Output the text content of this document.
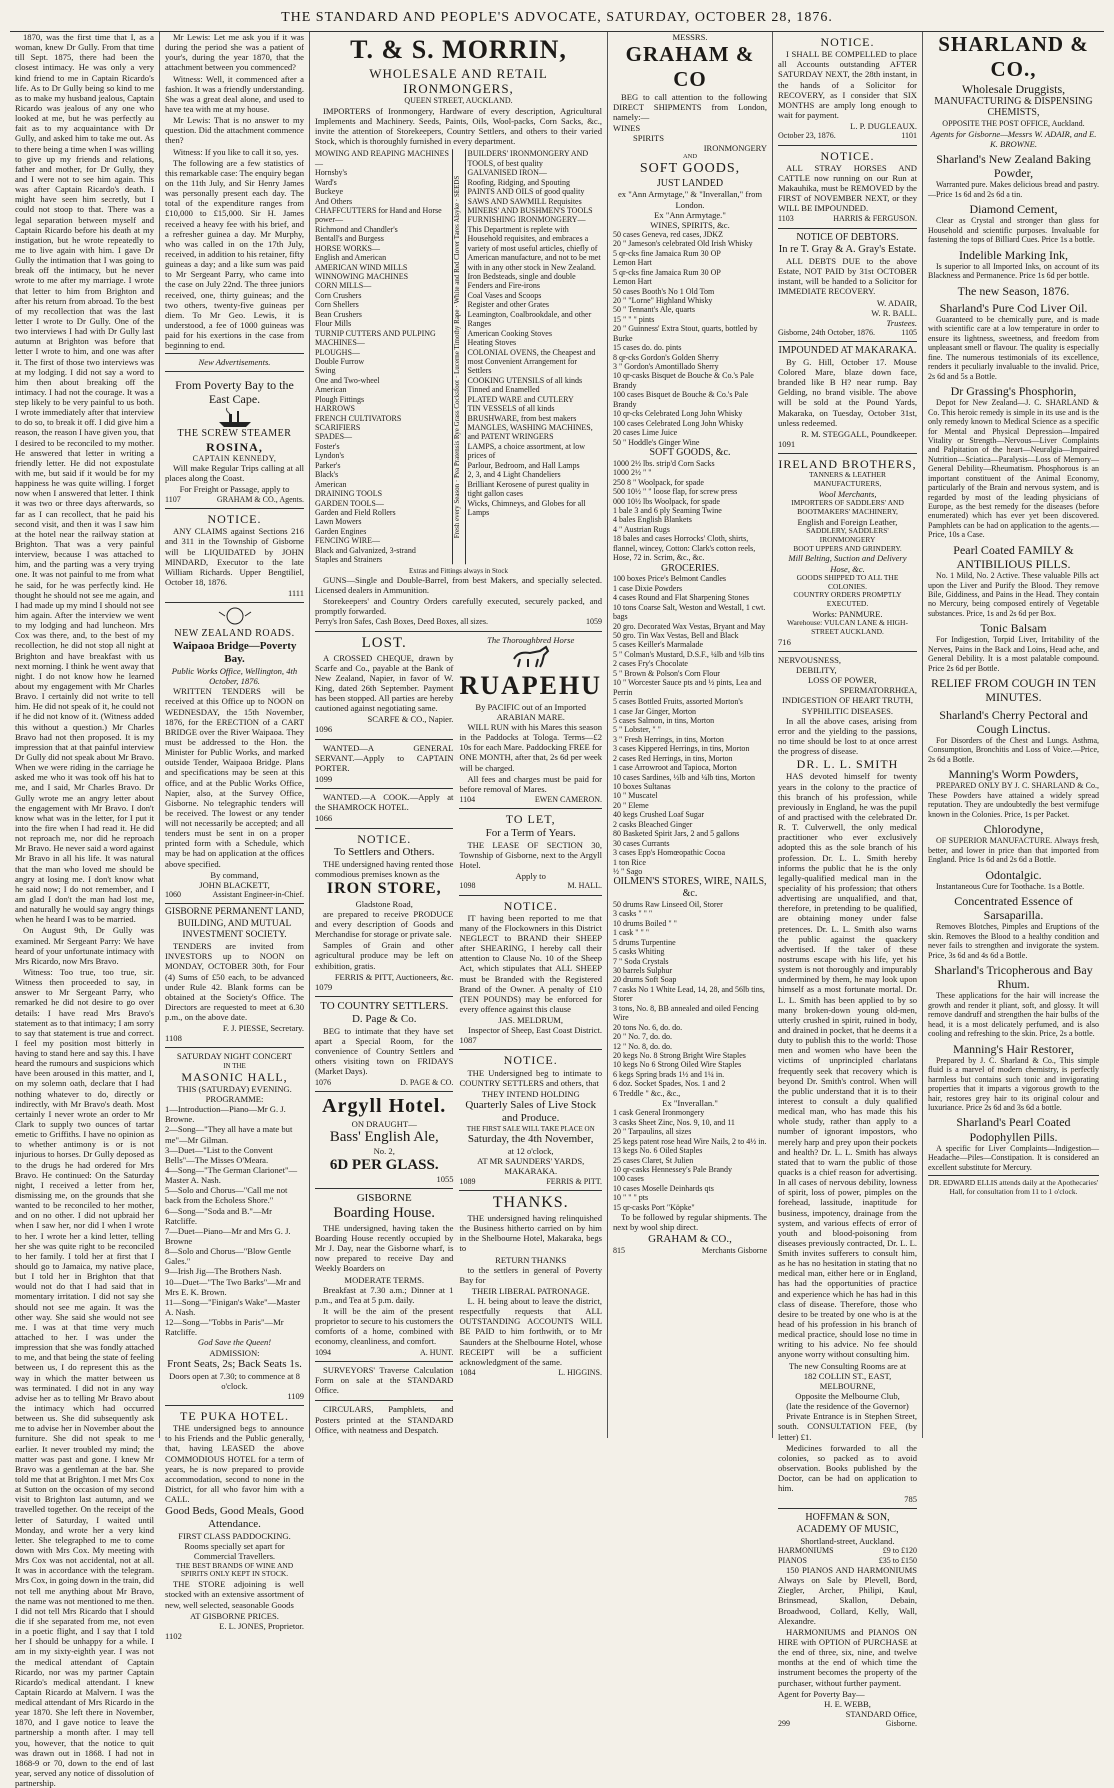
THE STANDARD AND PEOPLE'S ADVOCATE, SATURDAY, OCTOBER 28, 1876.

1870, was the first time that I, as a woman, knew Dr Gully. From that time till Sept. 1875, there had been the closest intimacy. He was only a very kind friend to me in Captain Ricardo's life. As to Dr Gully being so kind to me as to make my husband jealous, Captain Ricardo was jealous of any one who looked at me, but he was perfectly au fait as to my acquaintance with Dr Gully, and asked him to take me out. As to there being a time when I was willing to give up my friends and relations, father and mother, for Dr Gully, they and I were not to see him again. This was after Captain Ricardo's death. I might have seen him secretly, but I could not stoop to that. There was a legal separation between myself and Captain Ricardo before his death at my instigation, but he wrote repeatedly to me to live again with him. I gave Dr Gully the intimation that I was going to break off the intimacy, but he never wrote to me after my marriage. I wrote that letter to him from Brighton and after his return from abroad. To the best of my recollection that was the last letter I wrote to Dr Gully. One of the two interviews I had with Dr Gully last autumn at Brighton was before that letter I wrote to him, and one was after it. The first of those two interviews was at my lodging. I did not say a word to him then about breaking off the intimacy. I had not the courage. It was a step likely to be very painful to us both. I wrote immediately after that interview to do so, to break it off. I did give him a reason, the reason I have given you, that I desired to be reconciled to my mother. He answered that letter in writing a friendly letter. He did not expostulate with me, but said if it would be for my happiness he was quite willing. I forget now when I answered that letter. I think it was two or three days afterwards, so far as I can recollect, that he paid his second visit, and then it was I saw him at the hotel near the railway station at Brighton. That was a very painful interview, because I was attached to him, and the parting was a very trying one. It was not painful to me from what he said, for he was perfectly kind. He thought he should not see me again, and I had made up my mind I should not see him again. After the interview we went to my lodging and had luncheon. Mrs Cox was there, and, to the best of my recollection, he did not stop all night at Brighton and have breakfast with us next morning. I think he went away that night. I do not know how he learned about my engagement with Mr Charles Bravo. I certainly did not write to tell him. He did not speak of it, he could not if he did not know of it. (Witness added this without a question.) Mr Charles Bravo had not then proposed. It is my impression that at that painful interview Dr Gully did not speak about Mr Bravo. When we were riding in the carriage he asked me who it was took off his hat to me, and I said, Mr Charles Bravo. Dr Gully wrote me an angry letter about the engagement with Mr Bravo. I don't know what was in the letter, for I put it into the fire when I had read it. He did not reproach me, nor did he reproach Mr Bravo. He never said a word against Mr Bravo in all his life. It was natural that the man who loved me should be angry at losing me. I don't know what he said now; I do not remember, and I am glad I don't the man had lost me, and naturally he would say angry things when he heard I was to be married.

On August 9th, Dr Gully was examined. Mr Sergeant Parry: We have heard of your unfortunate intimacy with Mrs Ricardo, now Mrs Bravo.

Witness: Too true, too true, sir. Witness then proceeded to say, in answer to Mr Sergeant Parry, who remarked he did not desire to go over details: I have read Mrs Bravo's statement as to that intimacy; I am sorry to say that statement is true and correct. I feel my position most bitterly in having to stand here and say this. I have heard the rumours and suspicions which have been aroused in this matter, and I, on my solemn oath, declare that I had nothing whatever to do, directly or indirectly, with Mr Bravo's death. Most certainly I never wrote an order to Mr Clark to supply two ounces of tartar emetic to Griffiths. I have no opinion as to whether antimony is or is not injurious to horses. Dr Gully deposed as to the drugs he had ordered for Mrs Bravo. He continued: On the Saturday night, I received a letter from her, dismissing me, on the grounds that she wanted to be reconciled to her mother, and on no other. I did not upbraid her when I saw her, nor did I when I wrote to her. I wrote her a kind letter, telling her she was quite right to be reconciled to her family. I told her at first that I should go to Jamaica, my native place, but I told her in Brighton that that would not do that I had said that in momentary irritation. I did not say she should not see me again. It was the other way. She said she would not see me. I was at that time very much attached to her. I was under the impression that she was fondly attached to me, and that being the state of feeling between us, I do represent this as the way in which the matter between us was terminated. I did not in any way advise her as to telling Mr Bravo about the intimacy which had occurred between us. She did subsequently ask me to advise her in November about the furniture. She did not speak to me earlier. It never troubled my mind; the matter was past and gone. I knew Mr Bravo was a gentleman at the bar. She told me that at Brighton. I met Mrs Cox at Sutton on the occasion of my second visit to Brighton last autumn, and we travelled together. On the receipt of the letter of Saturday, I waited until Monday, and wrote her a very kind letter. She telegraphed to me to come down with Mrs Cox. My meeting with Mrs Cox was not accidental, not at all. It was in accordance with the telegram. Mrs Cox, in going down in the train, did not tell me anything about Mr Bravo, the name was not mentioned to me then. I did not tell Mrs Ricardo that I should die if she separated from me, not even in a poetic flight, and I say that I told her I should be unhappy for a while. I am in my sixty-eighth year. I was not the medical attendant of Captain Ricardo, nor was my partner Captain Ricardo's medical attendant. I knew Captain Ricardo at Malvern. I was the medical attendant of Mrs Ricardo in the year 1870. She left there in November, 1870, and I gave notice to leave the partnership a month after. I may tell you, however, that the notice to quit was drawn out in 1868. I had not in 1868-9 or 70, down to the end of last year, served any notice of dissolution of partnership.

Mr Lewis: Let me ask you if it was during the period she was a patient of your's, during the year 1870, that the attachment between you commenced?

Witness: Well, it commenced after a fashion. It was a friendly understanding. She was a great deal alone, and used to have tea with me at my house.

Mr Lewis: That is no answer to my question. Did the attachment commence then?

Witness: If you like to call it so, yes.

The following are a few statistics of this remarkable case: The enquiry began on the 11th July, and Sir Henry James was personally present each day. The total of the expenditure ranges from £10,000 to £15,000. Sir H. James received a heavy fee with his brief, and a refresher guinea a day. Mr Murphy, who was called in on the 17th July, received, in addition to his retainer, fifty guineas a day; and a like sum was paid to Mr Sergeant Parry, who came into the case on July 22nd. The three juniors received, one, thirty guineas; and the two others, twenty-five guineas per diem. To Mr Geo. Lewis, it is understood, a fee of 1000 guineas was paid for his exertions in the case from beginning to end.

New Advertisements.
From Poverty Bay to the East Cape.
THE SCREW STEAMER
ROSINA,
CAPTAIN KENNEDY,

Will make Regular Trips calling at all places along the Coast.

For Freight or Passage, apply to
1107	GRAHAM & CO., Agents.
NOTICE.

ANY CLAIMS against Sections 216 and 311 in the Township of Gisborne will be LIQUIDATED by JOHN MINDARD, Executor to the late William Richards. Upper Bengtiliel, October 18, 1876.

1111
NEW ZEALAND ROADS.
Waipaoa Bridge—Poverty Bay.
Public Works Office, Wellington, 4th October, 1876.

WRITTEN TENDERS will be received at this Office up to NOON on WEDNESDAY, the 15th November, 1876, for the ERECTION of a CART BRIDGE over the River Waipaoa. They must be addressed to the Hon. the Minister for Public Works, and marked outside Tender, Waipaoa Bridge. Plans and specifications may be seen at this office, and at the Public Works Office, Napier, also, at the Survey Office, Gisborne. No telegraphic tenders will be received. The lowest or any tender will not necessarily be accepted; and all tenders must be sent in on a proper printed form with a Schedule, which may be had on application at the offices above specified.

By command,
JOHN BLACKETT,
1060	Assistant Engineer-in-Chief.
GISBORNE PERMANENT LAND, BUILDING, AND MUTUAL INVESTMENT SOCIETY.

TENDERS are invited from INVESTORS up to NOON on MONDAY, OCTOBER 30th, for Four (4) Sums of £50 each, to be advanced under Rule 42. Blank forms can be obtained at the Society's Office. The Directors are requested to meet at 6.30 p.m., on the above date.

F. J. PIESSE, Secretary.
1108
SATURDAY NIGHT CONCERT
IN THE
MASONIC HALL,
THIS (SATURDAY) EVENING.
PROGRAMME:
1—Introduction—Piano—Mr G. J. Browne.
2—Song—"They all have a mate but me"—Mr Gilman.
3—Duet—"List to the Convent Bells"—The Misses O'Meara.
4—Song—"The German Clarionet"—Master A. Nash.
5—Solo and Chorus—"Call me not back from the Echoless Shore."
6—Song—"Soda and B."—Mr Ratcliffe.
7—Duet—Piano—Mr and Mrs G. J. Browne
8—Solo and Chorus—"Blow Gentle Gales."
9—Irish Jig—The Brothers Nash.
10—Duet—"The Two Barks"—Mr and Mrs E. K. Brown.
11—Song—"Finigan's Wake"—Master A. Nash.
12—Song—"Tobbs in Paris"—Mr Ratcliffe.
God Save the Queen!
ADMISSION:
Front Seats, 2s; Back Seats 1s.
Doors open at 7.30; to commence at 8 o'clock.
1109
TE PUKA HOTEL.

THE undersigned begs to announce to his Friends and the Public generally, that, having LEASED the above COMMODIOUS HOTEL for a term of years, he is now prepared to provide accommodation, second to none in the District, for all who favor him with a CALL.

Good Beds, Good Meals, Good Attendance.
FIRST CLASS PADDOCKING.
Rooms specially set apart for Commercial Travellers.
THE BEST BRANDS OF WINE AND SPIRITS ONLY KEPT IN STOCK.

THE STORE adjoining is well stocked with an extensive assortment of new, well selected, seasonable Goods

AT GISBORNE PRICES.
E. L. JONES, Proprietor.
1102
T. & S. MORRIN,
WHOLESALE AND RETAIL IRONMONGERS,
QUEEN STREET, AUCKLAND.

IMPORTERS of Ironmongery, Hardware of every description, Agricultural Implements and Machinery. Seeds, Paints, Oils, Wool-packs, Corn Sacks, &c., invite the attention of Storekeepers, Country Settlers, and others to their varied Stock, which is thoroughly furnished in every department.

MOWING AND REAPING MACHINES—
Hornsby's
Ward's
Buckeye
And Others
CHAFFCUTTERS for Hand and Horse power—
Richmond and Chandler's
Bentall's and Burgess
HORSE WORKS—
English and American
AMERICAN WIND MILLS
WINNOWING MACHINES
CORN MILLS—
Corn Crushers
Corn Shellers
Bean Crushers
Flour Mills
TURNIP CUTTERS AND PULPING MACHINES—
PLOUGHS—
Double Furrow
Swing
One and Two-wheel
American
Plough Fittings
HARROWS
FRENCH CULTIVATORS
SCARIFIERS
SPADES—
Foster's
Lyndon's
Parker's
Black's
American
DRAINING TOOLS
GARDEN TOOLS—
Garden and Field Rollers
Lawn Mowers
Garden Engines
FENCING WIRE—
Black and Galvanized, 3-strand
Staples and Strainers
Fresh every Season · Pea Pratensis Rye Grass Cocksfoot · Lucerne Timothy Rape · White and Red Clover Tares Alsyke · SEEDS
BUILDERS' IRONMONGERY AND TOOLS, of best quality
GALVANISED IRON—
Roofing, Ridging, and Spouting
PAINTS AND OILS of good quality
SAWS AND SAWMILL Requisites
MINERS' AND BUSHMEN'S TOOLS
FURNISHING IRONMONGERY—
This Department is replete with Household requisites, and embraces a variety of most useful articles, chiefly of American manufacture, and not to be met with in any other stock in New Zealand.
Iron Bedsteads, single and double
Fenders and Fire-irons
Coal Vases and Scoops
Register and other Grates
Leamington, Coalbrookdale, and other Ranges
American Cooking Stoves
Heating Stoves
COLONIAL OVENS, the Cheapest and most Convenient Arrangement for Settlers
COOKING UTENSILS of all kinds
Tinned and Enamelled
PLATED WARE and CUTLERY
TIN VESSELS of all kinds
BRUSHWARE, from best makers
MANGLES, WASHING MACHINES, and PATENT WRINGERS
LAMPS, a choice assortment, at low prices of
Parlour, Bedroom, and Hall Lamps
2, 3, and 4 Light Chandeliers
Brilliant Kerosene of purest quality in tight gallon cases
Wicks, Chimneys, and Globes for all Lamps
Extras and Fittings always in Stock

GUNS—Single and Double-Barrel, from best Makers, and specially selected. Licensed dealers in Ammunition.

Storekeepers' and Country Orders carefully executed, securely packed, and promptly forwarded.

Perry's Iron Safes, Cash Boxes, Deed Boxes, all sizes.	1059
LOST.

A CROSSED CHEQUE, drawn by Scarfe and Co., payable at the Bank of New Zealand, Napier, in favor of W. King, dated 26th September. Payment has been stopped. All parties are hereby cautioned against negotiating same.

SCARFE & CO., Napier.
1096

WANTED—A GENERAL SERVANT.—Apply to CAPTAIN PORTER.

1099

WANTED.—A COOK.—Apply at the SHAMROCK HOTEL.

1066
NOTICE.
To Settlers and Others.

THE undersigned having rented those commodious premises known as the

IRON STORE,
Gladstone Road,

are prepared to receive PRODUCE and every description of Goods and Merchandise for storage or private sale.

Samples of Grain and other agricultural produce may be left on exhibition, gratis.

FERRIS & PITT, Auctioneers, &c.
1079
TO COUNTRY SETTLERS.
D. Page & Co.

BEG to intimate that they have set apart a Special Room, for the convenience of Country Settlers and others visiting town on FRIDAYS (Market Days).

1076	D. PAGE & CO.
Argyll Hotel.
ON DRAUGHT—
Bass' English Ale,
No. 2,
6D PER GLASS.
1055
GISBORNE
Boarding House.

THE undersigned, having taken the Boarding House recently occupied by Mr J. Day, near the Gisborne wharf, is now prepared to receive Day and Weekly Boarders on

MODERATE TERMS.

Breakfast at 7.30 a.m.; Dinner at 1 p.m., and Tea at 5 p.m. daily.

It will be the aim of the present proprietor to secure to his customers the comforts of a home, combined with economy, cleanliness, and comfort.

1094	A. HUNT.

SURVEYORS' Traverse Calculation Form on sale at the STANDARD Office.

CIRCULARS, Pamphlets, and Posters printed at the STANDARD Office, with neatness and Despatch.

The Thoroughbred Horse
RUAPEHU
By PACIFIC out of an Imported ARABIAN MARE.

WILL RUN with his Mares this season in the Paddocks at Tologa. Terms—£2 10s for each Mare. Paddocking FREE for ONE MONTH, after that, 2s 6d per week will be charged.

All fees and charges must be paid for before removal of Mares.

1104	EWEN CAMERON.
TO LET,
For a Term of Years.

THE LEASE OF SECTION 30, Township of Gisborne, next to the Argyll Hotel.

Apply to
1098	M. HALL.
NOTICE.

IT having been reported to me that many of the Flockowners in this District NEGLECT to BRAND their SHEEP after SHEARING, I hereby call their attention to Clause No. 10 of the Sheep Act, which stipulates that ALL SHEEP must be Branded with the Registered Brand of the Owner. A penalty of £10 (TEN POUNDS) may be enforced for every offence against this clause

JAS. MELDRUM,
Inspector of Sheep, East Coast District.
1087
NOTICE.

THE Undersigned beg to intimate to COUNTRY SETTLERS and others, that

THEY INTEND HOLDING
Quarterly Sales of Live Stock and Produce.
THE FIRST SALE WILL TAKE PLACE ON
Saturday, the 4th November,
at 12 o'clock,
AT MR SAUNDERS' YARDS, MAKARAKA.
1089	FERRIS & PITT.
THANKS.

THE undersigned having relinquished the Business hitherto carried on by him in the Shelbourne Hotel, Makaraka, begs to

RETURN THANKS

to the settlers in general of Poverty Bay for

THEIR LIBERAL PATRONAGE.

L. H. being about to leave the district, respectfully requests that ALL OUTSTANDING ACCOUNTS WILL BE PAID to him forthwith, or to Mr Saunders at the Shelbourne Hotel, whose RECEIPT will be a sufficient acknowledgment of the same.

1084	L. HIGGINS.
MESSRS.
GRAHAM & CO

BEG to call attention to the following DIRECT SHIPMENTS from London, namely:—

WINES
SPIRITS
IRONMONGERY
AND
SOFT GOODS,
JUST LANDED
ex "Ann Armytage," & "Inverallan," from London.
Ex "Ann Armytage."
WINES, SPIRITS, &c.
50 cases Geneva, red cases, JDKZ
20 " Jameson's celebrated Old Irish Whisky
5 qr-cks fine Jamaica Rum 30 OP
Lemon Hart
5 qr-cks fine Jamaica Rum 30 OP
Lemon Hart
50 cases Booth's No 1 Old Tom
20 " "Lorne" Highland Whisky
50 " Tennant's Ale, quarts
15 " " " pints
20 " Guinness' Extra Stout, quarts, bottled by Burke
15 cases do. do. pints
8 qr-cks Gordon's Golden Sherry
3 " Gordon's Amontillado Sherry
10 qr-casks Bisquet de Bouche & Co.'s Pale Brandy
100 cases Bisquet de Bouche & Co.'s Pale Brandy
10 qr-cks Celebrated Long John Whisky
100 cases Celebrated Long John Whisky
20 cases Lime Juice
50 " Hoddle's Ginger Wine
SOFT GOODS, &c.
1000 2½ lbs. strip'd Corn Sacks
1000 2½ " "
250 8 " Woolpack, for spade
500 10½ " " loose flap, for screw press
000 10½ lbs Woolpack, for spade
1 bale 3 and 6 ply Seaming Twine
4 bales English Blankets
4 " Austrian Rugs
18 bales and cases Horrocks' Cloth, shirts, flannel, wincey, Cotton: Clark's cotton reels, Hose, 72 in. Scrim, &c., &c.
GROCERIES.
100 boxes Price's Belmont Candles
1 case Dixie Powders
4 cases Round and Flat Sharpening Stones
10 tons Coarse Salt, Weston and Westall, 1 cwt. bags
20 gro. Decorated Wax Vestas, Bryant and May
50 gro. Tin Wax Vestas, Bell and Black
5 cases Keiller's Marmalade
5 " Colman's Mustard, D.S.F., ¼lb and ½lb tins
2 cases Fry's Chocolate
5 " Brown & Polson's Corn Flour
10 " Worcester Sauce pts and ½ pints, Lea and Perrin
5 cases Bottled Fruits, assorted Morton's
1 case Jar Ginger, Morton
5 cases Salmon, in tins, Morton
5 " Lobster, " "
3 " Fresh Herrings, in tins, Morton
3 cases Kippered Herrings, in tins, Morton
2 cases Red Herrings, in tins, Morton
1 case Arrowroot and Tapioca, Morton
10 cases Sardines, ½lb and ¼lb tins, Morton
10 boxes Sultanas
10 " Muscatel
20 " Eleme
40 kegs Crushed Loaf Sugar
2 casks Bleached Ginger
80 Basketed Spirit Jars, 2 and 5 gallons
30 cases Currants
3 cases Epp's Homœopathic Cocoa
1 ton Rice
½ " Sago
OILMEN'S STORES, WIRE, NAILS, &c.
50 drums Raw Linseed Oil, Storer
3 casks " " "
10 drums Boiled " "
1 cask " " "
5 drums Turpentine
5 casks Whiting
7 " Soda Crystals
30 barrels Sulphur
20 drums Soft Soap
7 casks No 1 White Lead, 14, 28, and 56lb tins, Storer
3 tons, No. 8, BB annealed and oiled Fencing Wire
20 tons No. 6, do. do.
20 " No. 7, do. do.
12 " No. 8, do. do.
20 kegs No. 8 Strong Bright Wire Staples
10 kegs No 6 Strong Oiled Wire Staples
6 kegs Spring brads 1½ and 1¼ in.
6 doz. Socket Spades, Nos. 1 and 2
6 Treddle " &c., &c.,
Ex "Inverallan."
1 cask General Ironmongery
3 casks Sheet Zinc, Nos. 9, 10, and 11
20 " Tarpaulins, all sizes
25 kegs patent rose head Wire Nails, 2 to 4½ in.
13 kegs No. 6 Oiled Staples
25 cases Claret, St Julien
10 qr-casks Hennessey's Pale Brandy
100 cases
10 cases Moselle Deinhards qts
10 " " " pts
15 qr-casks Port "Köpke"

To be followed by regular shipments. The next by wool ship direct.

GRAHAM & CO.,
815	Merchants Gisborne
NOTICE.

I SHALL BE COMPELLED to place all Accounts outstanding AFTER SATURDAY NEXT, the 28th instant, in the hands of a Solicitor for RECOVERY, as I consider that SIX MONTHS are amply long enough to wait for payment.

L. P. DUGLEAUX.
October 23, 1876.	1101
NOTICE.

ALL STRAY HORSES AND CATTLE now running on our Run at Makauhika, must be REMOVED by the FIRST of NOVEMBER NEXT, or they WILL BE IMPOUNDED.

1103	HARRIS & FERGUSON.
NOTICE OF DEBTORS.
In re T. Gray & A. Gray's Estate.

ALL DEBTS DUE to the above Estate, NOT PAID by 31st OCTOBER instant, will be handed to a Solicitor for IMMEDIATE RECOVERY.

W. ADAIR,
W. R. BALL.
Trustees.
Gisborne, 24th October, 1876.	1105
IMPOUNDED AT MAKARAKA.

By G. Hill, October 17. Mouse Colored Mare, blaze down face, branded like B H? near rump. Bay Gelding, no brand visible. The above will be sold at the Pound Yards, Makaraka, on Tuesday, October 31st, unless redeemed.

R. M. STEGGALL, Poundkeeper.
1091
IRELAND BROTHERS,
TANNERS & LEATHER MANUFACTURERS,
Wool Merchants,
IMPORTERS OF SADDLERS' AND BOOTMAKERS' MACHINERY,
English and Foreign Leather,
SADDLERY, SADDLERS' IRONMONGERY
BOOT UPPERS AND GRINDERY.
Mill Belting, Suction and Delivery Hose, &c.
GOODS SHIPPED TO ALL THE COLONIES.
COUNTRY ORDERS PROMPTLY EXECUTED.
Works: PANMURE.
Warehouse: VULCAN LANE & HIGH-STREET AUCKLAND.
716
NERVOUSNESS,
DEBILITY,
LOSS OF POWER,
SPERMATORRHŒA,
INDIGESTION OF HEART TRUTH,
SYPHILITIC DISEASES.

In all the above cases, arising from error and the yielding to the passions, no time should be lost to at once arrest the progress of disease.

DR. L. L. SMITH

HAS devoted himself for twenty years in the colony to the practice of this branch of his profession, while previously in England, he was the pupil of and practised with the celebrated Dr. R. T. Culverwell, the only medical practitioner who ever exclusively adopted this as the sole branch of his profession. Dr. L. L. Smith hereby informs the public that he is the only legally-qualified medical man in the speciality of his profession; that others advertising are unqualified, and that, therefore, in pretending to be qualified, are obtaining money under false pretences. Dr. L. L. Smith also warns the public against the quackery advertised. If the taker of these nostrums escape with his life, yet his system is not thoroughly and impurably undermined by them, he may look upon himself as a most fortunate mortal. Dr. L. L. Smith has been applied to by so many broken-down young old-men, utterly crushed in spirit, ruined in body, and drained in pocket, that he deems it a duty to publish this to the world: Those men and women who have been the victims of unprincipled charlatans frequently seek that recovery which is beyond Dr. Smith's control. When will the public understand that it is to their interest to consult a duly qualified medical man, who has made this his whole study, rather than apply to a number of ignorant impostors, who merely harp and prey upon their pockets and health? Dr. L. L. Smith has always stated that to warn the public of those quacks is a chief reason for advertising. In all cases of nervous debility, lowness of spirit, loss of power, pimples on the forehead, lassitude, inaptitude for business, impotency, drainage from the system, and various effects of error of youth and blood-poisoning from diseases previously contracted, Dr. L. L. Smith invites sufferers to consult him, as he has no hesitation in stating that no medical man, either here or in England, has had the opportunities of practice and experience which he has had in this class of disease. Therefore, those who desire to be treated by one who is at the head of his profession in his branch of medical practice, should lose no time in writing to his advice. No fee should anyone worry without consulting him.

The new Consulting Rooms are at
182 COLLIN ST., EAST, MELBOURNE,
Opposite the Melbourne Club,
(late the residence of the Governor)

Private Entrance is in Stephen Street, south. CONSULTATION FEE, (by letter) £1.

Medicines forwarded to all the colonies, so packed as to avoid observation. Books published by the Doctor, can be had on application to him.

785
HOFFMAN & SON,
ACADEMY OF MUSIC,
Shortland-street, Auckland.
HARMONIUMS	£9 to £120
PIANOS	£35 to £150

150 PIANOS AND HARMONIUMS Always on Sale by Plevell, Bord, Ziegler, Archer, Philipi, Kaul, Brinsmead, Skallon, Debain, Broadwood, Collard, Kelly, Wall, Alexandre.

HARMONIUMS and PIANOS ON HIRE with OPTION of PURCHASE at the end of three, six, nine, and twelve months at the end of which time the instrument becomes the property of the purchaser, without further payment.

Agent for Poverty Bay—
H. E. WEBB,
STANDARD Office,
299	Gisborne.
SHARLAND & CO.,
Wholesale Druggists,
MANUFACTURING & DISPENSING CHEMISTS,
OPPOSITE THE POST OFFICE, Auckland.
Agents for Gisborne—Messrs W. ADAIR, and E. K. BROWNE.
Sharland's New Zealand Baking Powder,

Warranted pure. Makes delicious bread and pastry.—Price 1s 6d and 2s 6d a tin.

Diamond Cement,

Clear as Crystal and stronger than glass for Household and scientific purposes. Invaluable for fastening the tops of Billiard Cues. Price 1s a bottle.

Indelible Marking Ink,

Is superior to all Imported Inks, on account of its Blackness and Permanence. Price 1s 6d per bottle.

The new Season, 1876.

Sharland's Pure Cod Liver Oil.

Guaranteed to be chemically pure, and is made with scientific care at a low temperature in order to ensure its lightness, sweetness, and freedom from unpleasant smell or flavour. The quality is especially fine. The numerous testimonials of its excellence, renders it peculiarly invaluable to the invalid. Price, 2s 6d and 5s a Bottle.

Dr Grassing's Phosphorin,

Depot for New Zealand—J. C. SHARLAND & Co. This heroic remedy is simple in its use and is the only remedy known to Medical Science as a specific for Mental and Physical Depression—Impaired Vitality or Strength—Nervous—Liver Complaints and Palpitation of the heart—Neuralgia—Impaired Nutrition—Sciatica—Paralysis—Loss of Memory—General Debility—Rheumatism. Phosphorous is an important constituent of the Animal Economy, particularly of the Brain and nervous system, and is regarded by most of the leading physicians of Europe, as the best remedy for the diseases (before enumerated) which has ever yet been discovered. Pamphlets can be had on application to the agents.—Price, 10s a Case.

Pearl Coated FAMILY & ANTIBILIOUS PILLS.

No. 1 Mild, No. 2 Active. These valuable Pills act upon the Liver and Purify the Blood. They remove Bile, Giddiness, and Pains in the Head. They contain no Mercury, being composed entirely of Vegetable substances. Price, 1s and 2s 6d per Box.

Tonic Balsam

For Indigestion, Torpid Liver, Irritability of the Nerves, Pains in the Back and Loins, Head ache, and General Debility. It is a most palatable compound. Price 2s 6d per Bottle.

RELIEF FROM COUGH IN TEN MINUTES.

Sharland's Cherry Pectoral and Cough Linctus.

For Disorders of the Chest and Lungs. Asthma, Consumption, Bronchitis and Loss of Voice.—Price, 2s 6d a Bottle.

Manning's Worm Powders,

PREPARED ONLY BY J. C. SHARLAND & Co., These Powders have attained a widely spread reputation. They are undoubtedly the best vermifuge known in the Colonies. Price, 1s per Packet.

Chlorodyne,

OF SUPERIOR MANUFACTURE. Always fresh, better, and lower in price than that imported from England. Price 1s 6d and 2s 6d a Bottle.

Odontalgic.

Instantaneous Cure for Toothache. 1s a Bottle.

Concentrated Essence of Sarsaparilla.

Removes Blotches, Pimples and Eruptions of the skin. Removes the Blood to a healthy condition and never fails to strengthen and invigorate the system. Price, 3s 6d and 4s 6d a Bottle.

Sharland's Tricopherous and Bay Rhum.

These applications for the hair will increase the growth and render it pliant, soft, and glossy. It will remove dandruff and strengthen the hair bulbs of the head, it is a most delicately perfumed, and is also cooling and refreshing to the skin. Price, 2s a bottle.

Manning's Hair Restorer,

Prepared by J. C. Sharland & Co., This simple fluid is a marvel of modern chemistry, is perfectly harmless but contains such tonic and invigorating properties that it imparts a vigorous growth to the hair, restores grey hair to its original colour and luxuriance. Price 2s 6d and 3s 6d a bottle.

Sharland's Pearl Coated Podophyllen Pills.

A specific for Liver Complaints—Indigestion—Headache—Piles—Constipation. It is considered an excellent substitute for Mercury.

DR. EDWARD ELLIS attends daily at the Apothecaries' Hall, for consultation from 11 to 1 o'clock.
